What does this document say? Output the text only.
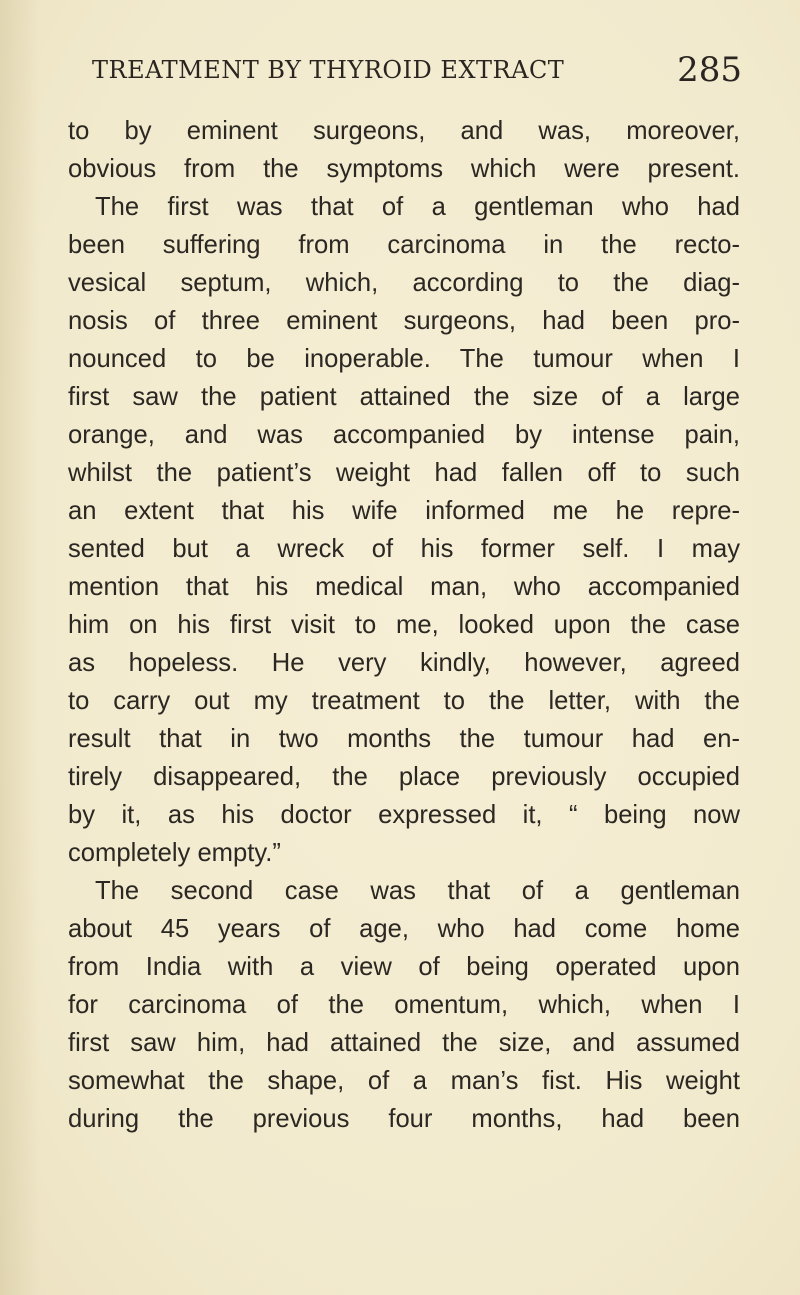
TREATMENT BY THYROID EXTRACT	285
to by eminent surgeons, and was, moreover,
obvious from the symptoms which were present.
The first was that of a gentleman who had
been suffering from carcinoma in the recto-
vesical septum, which, according to the diag-
nosis of three eminent surgeons, had been pro-
nounced to be inoperable. The tumour when I
first saw the patient attained the size of a large
orange, and was accompanied by intense pain,
whilst the patient’s weight had fallen off to such
an extent that his wife informed me he repre-
sented but a wreck of his former self. I may
mention that his medical man, who accompanied
him on his first visit to me, looked upon the case
as hopeless. He very kindly, however, agreed
to carry out my treatment to the letter, with the
result that in two months the tumour had en-
tirely disappeared, the place previously occupied
by it, as his doctor expressed it, “ being now
completely empty.”
The second case was that of a gentleman
about 45 years of age, who had come home
from India with a view of being operated upon
for carcinoma of the omentum, which, when I
first saw him, had attained the size, and assumed
somewhat the shape, of a man’s fist. His weight
during the previous four months, had been
